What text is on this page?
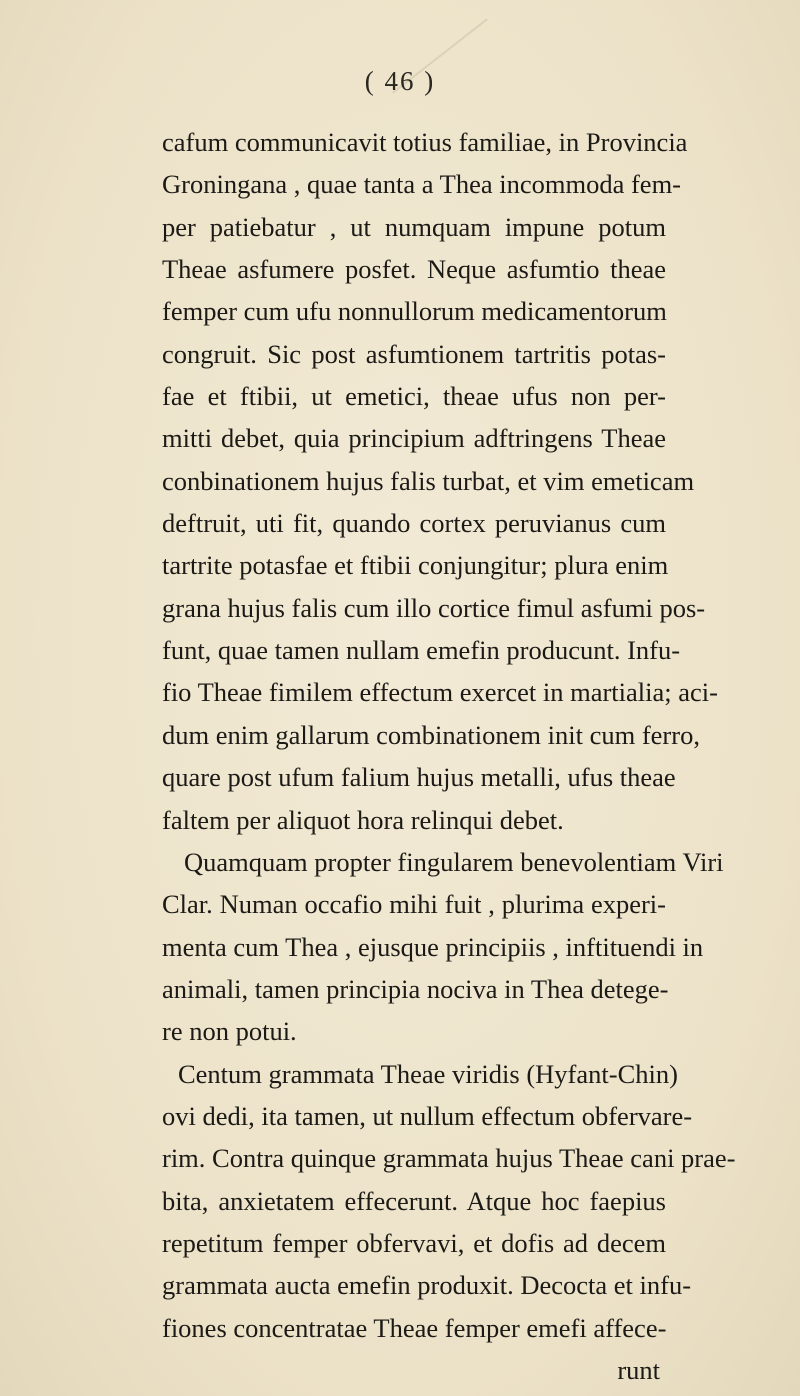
( 46 )
cafum communicavit totius familiae, in Provincia
Groningana , quae tanta a Thea incommoda fem-
per patiebatur , ut numquam impune potum
Theae asfumere posfet. Neque asfumtio theae
femper cum ufu nonnullorum medicamentorum
congruit. Sic post asfumtionem tartritis potas-
fae et ftibii, ut emetici, theae ufus non per-
mitti debet, quia principium adftringens Theae
conbinationem hujus falis turbat, et vim emeticam
deftruit, uti fit, quando cortex peruvianus cum
tartrite potasfae et ftibii conjungitur; plura enim
grana hujus falis cum illo cortice fimul asfumi pos-
funt, quae tamen nullam emefin producunt. Infu-
fio Theae fimilem effectum exercet in martialia; aci-
dum enim gallarum combinationem init cum ferro,
quare post ufum falium hujus metalli, ufus theae
faltem per aliquot hora relinqui debet.
Quamquam propter fingularem benevolentiam Viri
Clar. Numan occafio mihi fuit , plurima experi-
menta cum Thea , ejusque principiis , inftituendi in
animali, tamen principia nociva in Thea detege-
re non potui.
Centum grammata Theae viridis (Hyfant-Chin)
ovi dedi, ita tamen, ut nullum effectum obfervare-
rim. Contra quinque grammata hujus Theae cani prae-
bita, anxietatem effecerunt. Atque hoc faepius
repetitum femper obfervavi, et dofis ad decem
grammata aucta emefin produxit. Decocta et infu-
fiones concentratae Theae femper emefi affece-
runt
